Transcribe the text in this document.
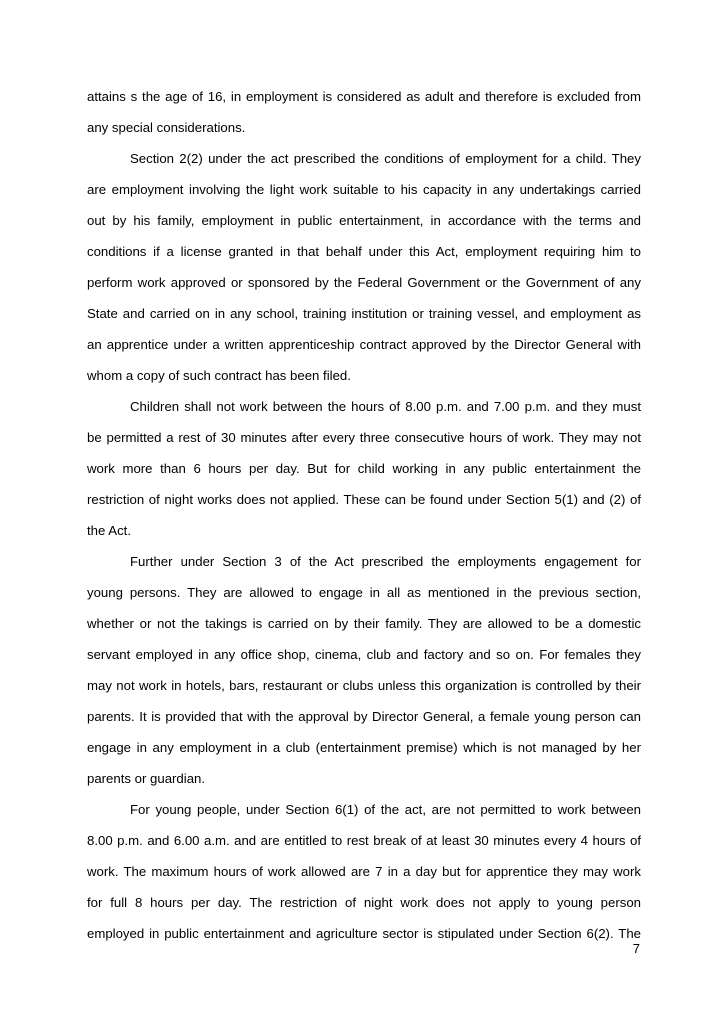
attains s the age of 16, in employment is considered as adult and therefore is excluded from
any special considerations.
Section 2(2) under the act prescribed the conditions of employment for a child. They
are employment involving the light work suitable to his capacity in any undertakings carried
out by his family, employment in public entertainment, in accordance with the terms and
conditions if a license granted in that behalf under this Act, employment requiring him to
perform work approved or sponsored by the Federal Government or the Government of any
State and carried on in any school, training institution or training vessel, and employment as
an apprentice under a written apprenticeship contract approved by the Director General with
whom a copy of such contract has been filed.
Children shall not work between the hours of 8.00 p.m. and 7.00 p.m. and they must
be permitted a rest of 30 minutes after every three consecutive hours of work. They may not
work more than 6 hours per day. But for child working in any public entertainment the
restriction of night works does not applied. These can be found under Section 5(1) and (2) of
the Act.
Further under Section 3 of the Act prescribed the employments engagement for
young persons. They are allowed to engage in all as mentioned in the previous section,
whether or not the takings is carried on by their family. They are allowed to be a domestic
servant employed in any office shop, cinema, club and factory and so on. For females they
may not work in hotels, bars, restaurant or clubs unless this organization is controlled by their
parents. It is provided that with the approval by Director General, a female young person can
engage in any employment in a club (entertainment premise) which is not managed by her
parents or guardian.
For young people, under Section 6(1) of the act, are not permitted to work between
8.00 p.m. and 6.00 a.m. and are entitled to rest break of at least 30 minutes every 4 hours of
work. The maximum hours of work allowed are 7 in a day but for apprentice they may work
for full 8 hours per day. The restriction of night work does not apply to young person
employed in public entertainment and agriculture sector is stipulated under Section 6(2). The
7
